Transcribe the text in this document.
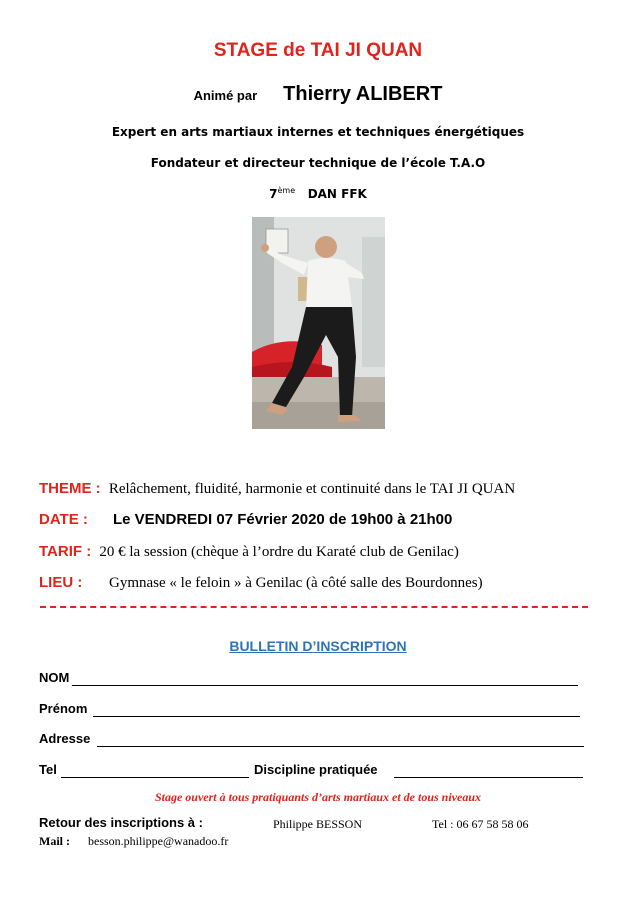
STAGE de TAI JI QUAN
Animé par Thierry ALIBERT
Expert en arts martiaux internes et techniques énergétiques
Fondateur et directeur technique de l’école T.A.O
7ème DAN FFK
THEME : Relâchement, fluidité, harmonie et continuité dans le TAI JI QUAN
DATE : Le VENDREDI 07 Février 2020 de 19h00 à 21h00
TARIF : 20 € la session (chèque à l’ordre du Karaté club de Genilac)
LIEU : Gymnase « le feloin » à Genilac (à côté salle des Bourdonnes)
BULLETIN D’INSCRIPTION
NOM
Prénom
Adresse
Tel	Discipline pratiquée
Stage ouvert à tous pratiquants d’arts martiaux et de tous niveaux
Retour des inscriptions à :	Philippe BESSON	Tel : 06 67 58 58 06
Mail : besson.philippe@wanadoo.fr
